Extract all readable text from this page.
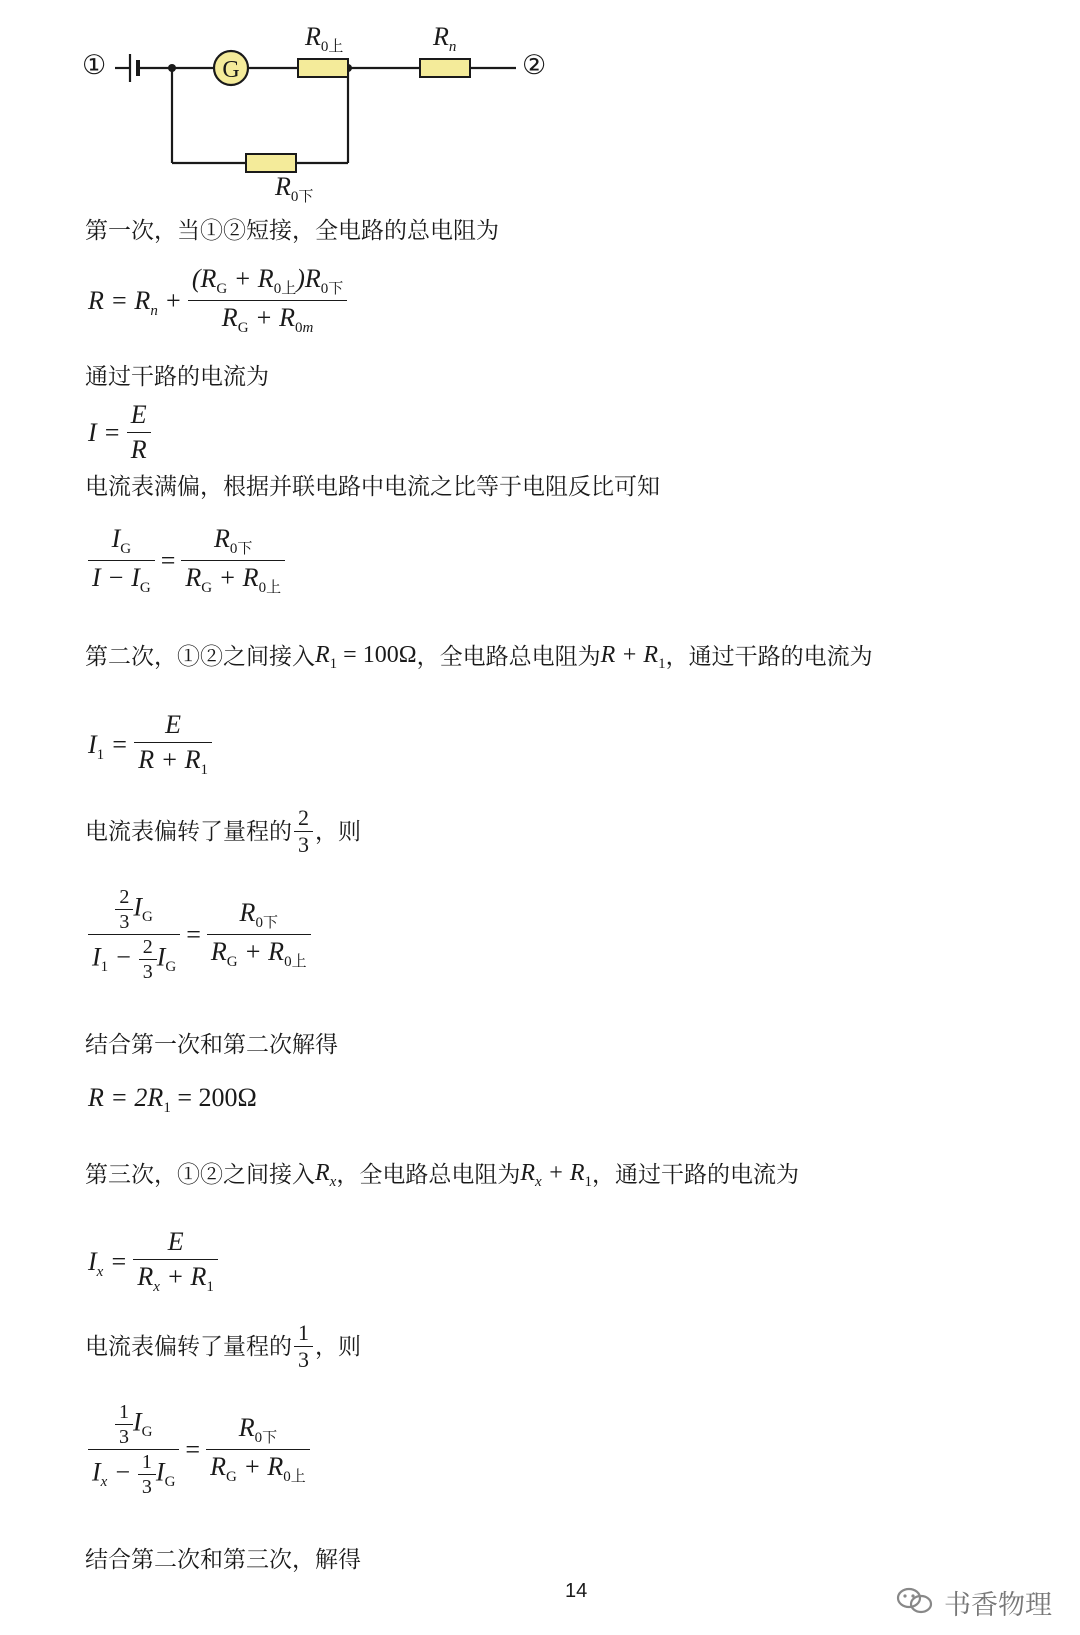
G
①	②
$R_{0上}$	$R_n$
$R_{0下}$
第一次，当①②短接，全电路的总电阻为
$R = R_n + \frac{(R_G + R_{0上})R_{0下}}{R_G + R_{0m}}$
通过干路的电流为
$I = \frac{E}{R}$
电流表满偏，根据并联电路中电流之比等于电阻反比可知
$\frac{I_G}{I - I_G} = \frac{R_{0下}}{R_G + R_{0上}}$
第二次，①②之间接入 $R_1 = 100\Omega$ ，全电路总电阻为 $R + R_1$ ，通过干路的电流为
$I_1 = \frac{E}{R + R_1}$
电流表偏转了量程的 $\frac{2}{3}$ ，则
$\frac{\frac{2}{3} I_G}{I_1 - \frac{2}{3} I_G} = \frac{R_{0下}}{R_G + R_{0上}}$
结合第一次和第二次解得
$R = 2R_1 = 200\Omega$
第三次，①②之间接入 $R_x$ ，全电路总电阻为 $R_x + R_1$ ，通过干路的电流为
$I_x = \frac{E}{R_x + R_1}$
电流表偏转了量程的 $\frac{1}{3}$ ，则
$\frac{\frac{1}{3} I_G}{I_x - \frac{1}{3} I_G} = \frac{R_{0下}}{R_G + R_{0上}}$
结合第二次和第三次，解得
14	书香物理
